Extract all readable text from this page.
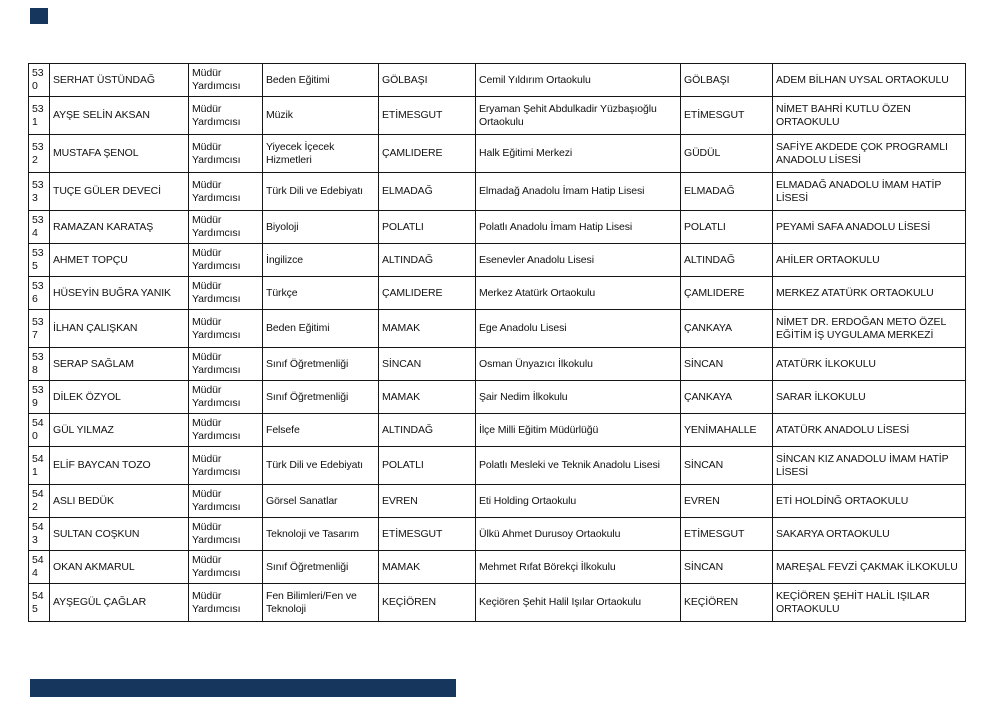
530	SERHAT ÜSTÜNDAĞ	Müdür Yardımcısı	Beden Eğitimi	GÖLBAŞI	Cemil Yıldırım Ortaokulu	GÖLBAŞI	ADEM BİLHAN UYSAL ORTAOKULU
531	AYŞE SELİN AKSAN	Müdür Yardımcısı	Müzik	ETİMESGUT	Eryaman Şehit Abdulkadir Yüzbaşıoğlu Ortaokulu	ETİMESGUT	NİMET BAHRİ KUTLU ÖZEN ORTAOKULU
532	MUSTAFA ŞENOL	Müdür Yardımcısı	Yiyecek İçecek Hizmetleri	ÇAMLIDERE	Halk Eğitimi Merkezi	GÜDÜL	SAFİYE AKDEDE ÇOK PROGRAMLI ANADOLU LİSESİ
533	TUÇE GÜLER DEVECİ	Müdür Yardımcısı	Türk Dili ve Edebiyatı	ELMADAĞ	Elmadağ Anadolu İmam Hatip Lisesi	ELMADAĞ	ELMADAĞ ANADOLU İMAM HATİP LİSESİ
534	RAMAZAN KARATAŞ	Müdür Yardımcısı	Biyoloji	POLATLI	Polatlı Anadolu İmam Hatip Lisesi	POLATLI	PEYAMİ SAFA ANADOLU LİSESİ
535	AHMET TOPÇU	Müdür Yardımcısı	İngilizce	ALTINDAĞ	Esenevler Anadolu Lisesi	ALTINDAĞ	AHİLER ORTAOKULU
536	HÜSEYİN BUĞRA YANIK	Müdür Yardımcısı	Türkçe	ÇAMLIDERE	Merkez Atatürk Ortaokulu	ÇAMLIDERE	MERKEZ ATATÜRK ORTAOKULU
537	İLHAN ÇALIŞKAN	Müdür Yardımcısı	Beden Eğitimi	MAMAK	Ege Anadolu Lisesi	ÇANKAYA	NİMET DR. ERDOĞAN METO ÖZEL EĞİTİM İŞ UYGULAMA MERKEZİ
538	SERAP SAĞLAM	Müdür Yardımcısı	Sınıf Öğretmenliği	SİNCAN	Osman Ünyazıcı İlkokulu	SİNCAN	ATATÜRK İLKOKULU
539	DİLEK ÖZYOL	Müdür Yardımcısı	Sınıf Öğretmenliği	MAMAK	Şair Nedim İlkokulu	ÇANKAYA	SARAR İLKOKULU
540	GÜL YILMAZ	Müdür Yardımcısı	Felsefe	ALTINDAĞ	İlçe Milli Eğitim Müdürlüğü	YENİMAHALLE	ATATÜRK ANADOLU LİSESİ
541	ELİF BAYCAN TOZO	Müdür Yardımcısı	Türk Dili ve Edebiyatı	POLATLI	Polatlı Mesleki ve Teknik Anadolu Lisesi	SİNCAN	SİNCAN KIZ ANADOLU İMAM HATİP LİSESİ
542	ASLI BEDÜK	Müdür Yardımcısı	Görsel Sanatlar	EVREN	Eti Holding Ortaokulu	EVREN	ETİ HOLDİNĞ ORTAOKULU
543	SULTAN COŞKUN	Müdür Yardımcısı	Teknoloji ve Tasarım	ETİMESGUT	Ülkü Ahmet Durusoy Ortaokulu	ETİMESGUT	SAKARYA ORTAOKULU
544	OKAN AKMARUL	Müdür Yardımcısı	Sınıf Öğretmenliği	MAMAK	Mehmet Rıfat Börekçi İlkokulu	SİNCAN	MAREŞAL FEVZİ ÇAKMAK İLKOKULU
545	AYŞEGÜL ÇAĞLAR	Müdür Yardımcısı	Fen Bilimleri/Fen ve Teknoloji	KEÇİÖREN	Keçiören Şehit Halil Işılar Ortaokulu	KEÇİÖREN	KEÇİÖREN ŞEHİT HALİL IŞILAR ORTAOKULU
